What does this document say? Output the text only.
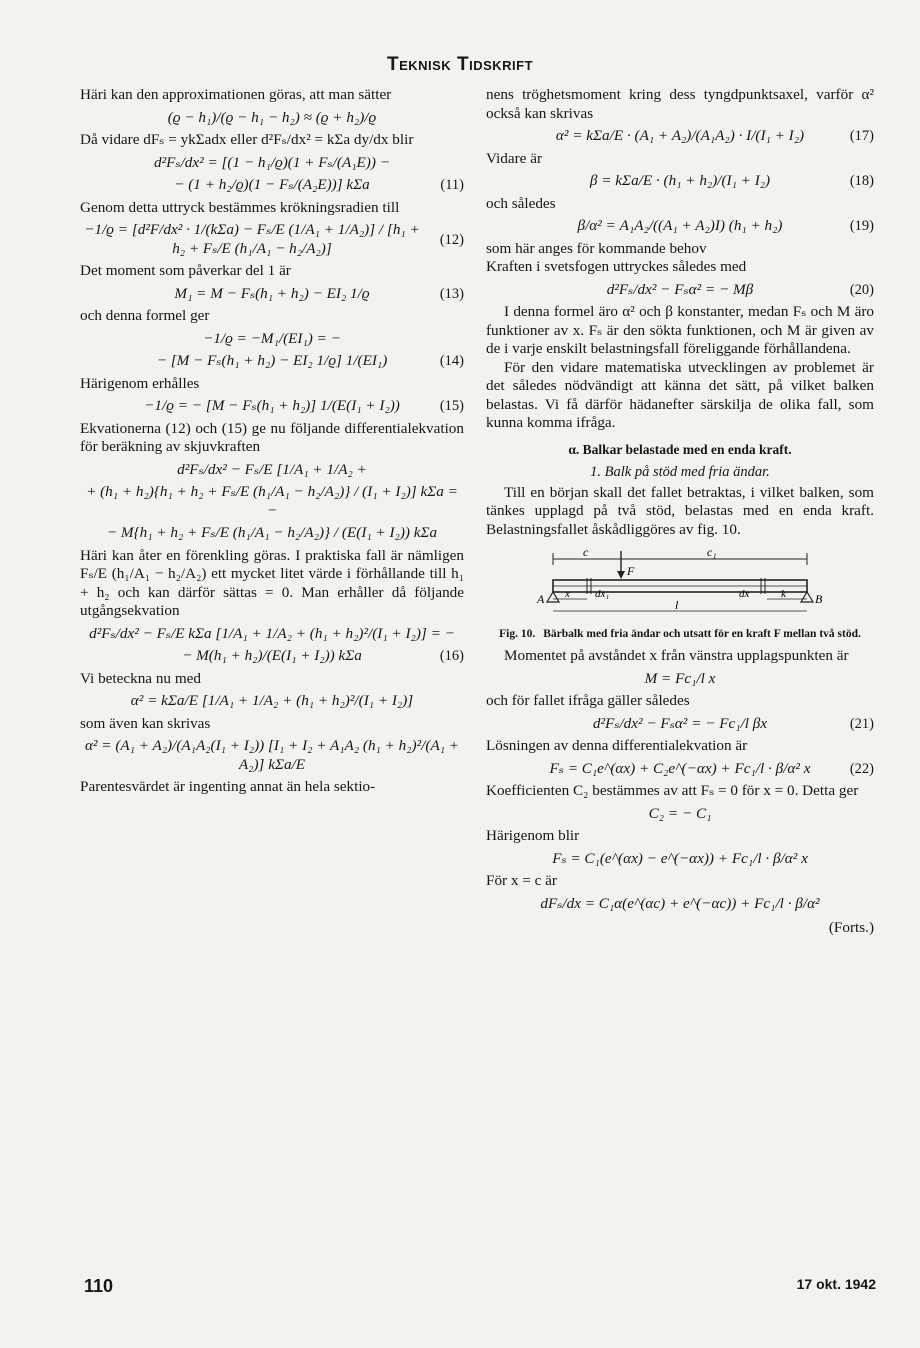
Teknisk Tidskrift

Häri kan den approximationen göras, att man sätter

(ϱ − h₁)/(ϱ − h₁ − h₂) ≈ (ϱ + h₂)/ϱ

Då vidare dFₛ = ykΣadx eller d²Fₛ/dx² = kΣa dy/dx blir

d²Fₛ/dx² = [(1 − h₁/ϱ)(1 + Fₛ/(A₁E)) −
− (1 + h₂/ϱ)(1 − Fₛ/(A₂E))] kΣa	(11)

Genom detta uttryck bestämmes krökningsradien till

−1/ϱ = [d²F/dx² · 1/(kΣa) − Fₛ/E (1/A₁ + 1/A₂)] / [h₁ + h₂ + Fₛ/E (h₁/A₁ − h₂/A₂)]
(12)

Det moment som påverkar del 1 är

M₁ = M − Fₛ(h₁ + h₂) − EI₂ 1/ϱ	(13)

och denna formel ger

−1/ϱ = −M₁/(EI₁) = −
− [M − Fₛ(h₁ + h₂) − EI₂ 1/ϱ] 1/(EI₁)	(14)

Härigenom erhålles

−1/ϱ = − [M − Fₛ(h₁ + h₂)] 1/(E(I₁ + I₂))	(15)

Ekvationerna (12) och (15) ge nu följande differentialekvation för beräkning av skjuvkraften

d²Fₛ/dx² − Fₛ/E [1/A₁ + 1/A₂ +
+ (h₁ + h₂){h₁ + h₂ + Fₛ/E (h₁/A₁ − h₂/A₂)} / (I₁ + I₂)] kΣa = −
− M{h₁ + h₂ + Fₛ/E (h₁/A₁ − h₂/A₂)} / (E(I₁ + I₂)) kΣa

Häri kan åter en förenkling göras. I praktiska fall är nämligen Fₛ/E (h₁/A₁ − h₂/A₂) ett mycket litet värde i förhållande till h₁ + h₂ och kan därför sättas = 0. Man erhåller då följande utgångsekvation

d²Fₛ/dx² − Fₛ/E kΣa [1/A₁ + 1/A₂ + (h₁ + h₂)²/(I₁ + I₂)] = −
− M(h₁ + h₂)/(E(I₁ + I₂)) kΣa	(16)

Vi beteckna nu med

α² = kΣa/E [1/A₁ + 1/A₂ + (h₁ + h₂)²/(I₁ + I₂)]

som även kan skrivas

α² = (A₁ + A₂)/(A₁A₂(I₁ + I₂)) [I₁ + I₂ + A₁A₂ (h₁ + h₂)²/(A₁ + A₂)] kΣa/E

Parentesvärdet är ingenting annat än hela sektio-

nens tröghetsmoment kring dess tyngdpunktsaxel, varför α² också kan skrivas

α² = kΣa/E · (A₁ + A₂)/(A₁A₂) · I/(I₁ + I₂)	(17)

Vidare är

β = kΣa/E · (h₁ + h₂)/(I₁ + I₂)	(18)

och således

β/α² = A₁A₂/((A₁ + A₂)I) (h₁ + h₂)	(19)

som här anges för kommande behov

Kraften i svetsfogen uttryckes således med

d²Fₛ/dx² − Fₛα² = − Mβ	(20)

I denna formel äro α² och β konstanter, medan Fₛ och M äro funktioner av x. Fₛ är den sökta funktionen, och M är given av de i varje enskilt belastningsfall föreliggande förhållandena.

För den vidare matematiska utvecklingen av problemet är det således nödvändigt att känna det sätt, på vilket balken belastas. Vi få därför hädanefter särskilja de olika fall, som kunna komma ifråga.

α. Balkar belastade med en enda kraft.
1. Balk på stöd med fria ändar.

Till en början skall det fallet betraktas, i vilket balken, som tänkes upplagd på två stöd, belastas med en enda kraft. Belastningsfallet åskådliggöres av fig. 10.

c	c₁
F
A	B
x dx₁	dx	k
l
Fig. 10. Bärbalk med fria ändar och utsatt för en kraft F mellan två stöd.

Momentet på avståndet x från vänstra upplagspunkten är

M = Fc₁/l x

och för fallet ifråga gäller således

d²Fₛ/dx² − Fₛα² = − Fc₁/l βx	(21)

Lösningen av denna differentialekvation är

Fₛ = C₁e^(αx) + C₂e^(−αx) + Fc₁/l · β/α² x	(22)

Koefficienten C₂ bestämmes av att Fₛ = 0 för x = 0. Detta ger

C₂ = − C₁

Härigenom blir

Fₛ = C₁(e^(αx) − e^(−αx)) + Fc₁/l · β/α² x

För x = c är

dFₛ/dx = C₁α(e^(αc) + e^(−αc)) + Fc₁/l · β/α²

(Forts.)

110	17 okt. 1942
